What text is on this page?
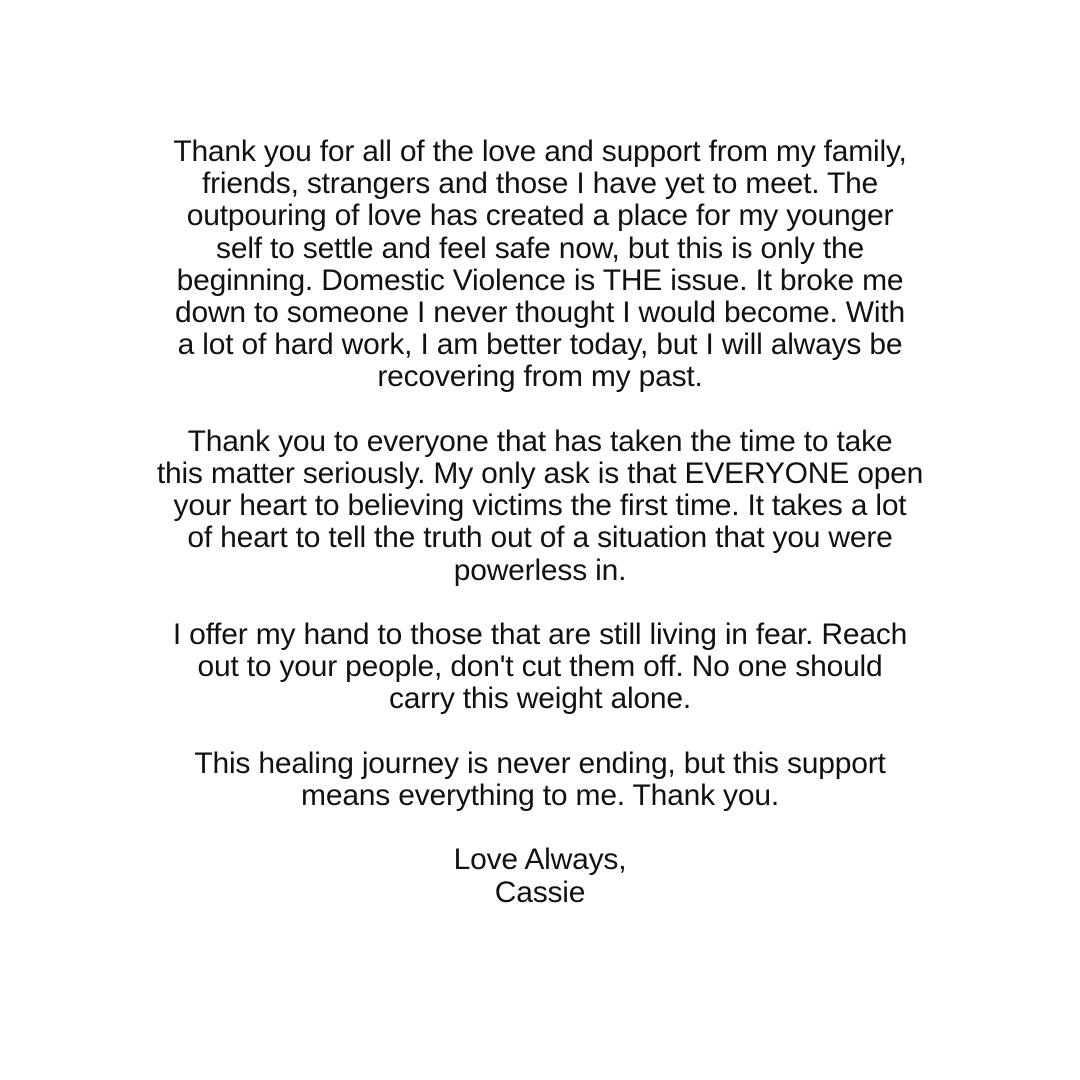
Thank you for all of the love and support from my family,
friends, strangers and those I have yet to meet. The
outpouring of love has created a place for my younger
self to settle and feel safe now, but this is only the
beginning. Domestic Violence is THE issue. It broke me
down to someone I never thought I would become. With
a lot of hard work, I am better today, but I will always be
recovering from my past.

Thank you to everyone that has taken the time to take
this matter seriously. My only ask is that EVERYONE open
your heart to believing victims the first time. It takes a lot
of heart to tell the truth out of a situation that you were
powerless in.

I offer my hand to those that are still living in fear. Reach
out to your people, don't cut them off. No one should
carry this weight alone.

This healing journey is never ending, but this support
means everything to me. Thank you.

Love Always,
Cassie
